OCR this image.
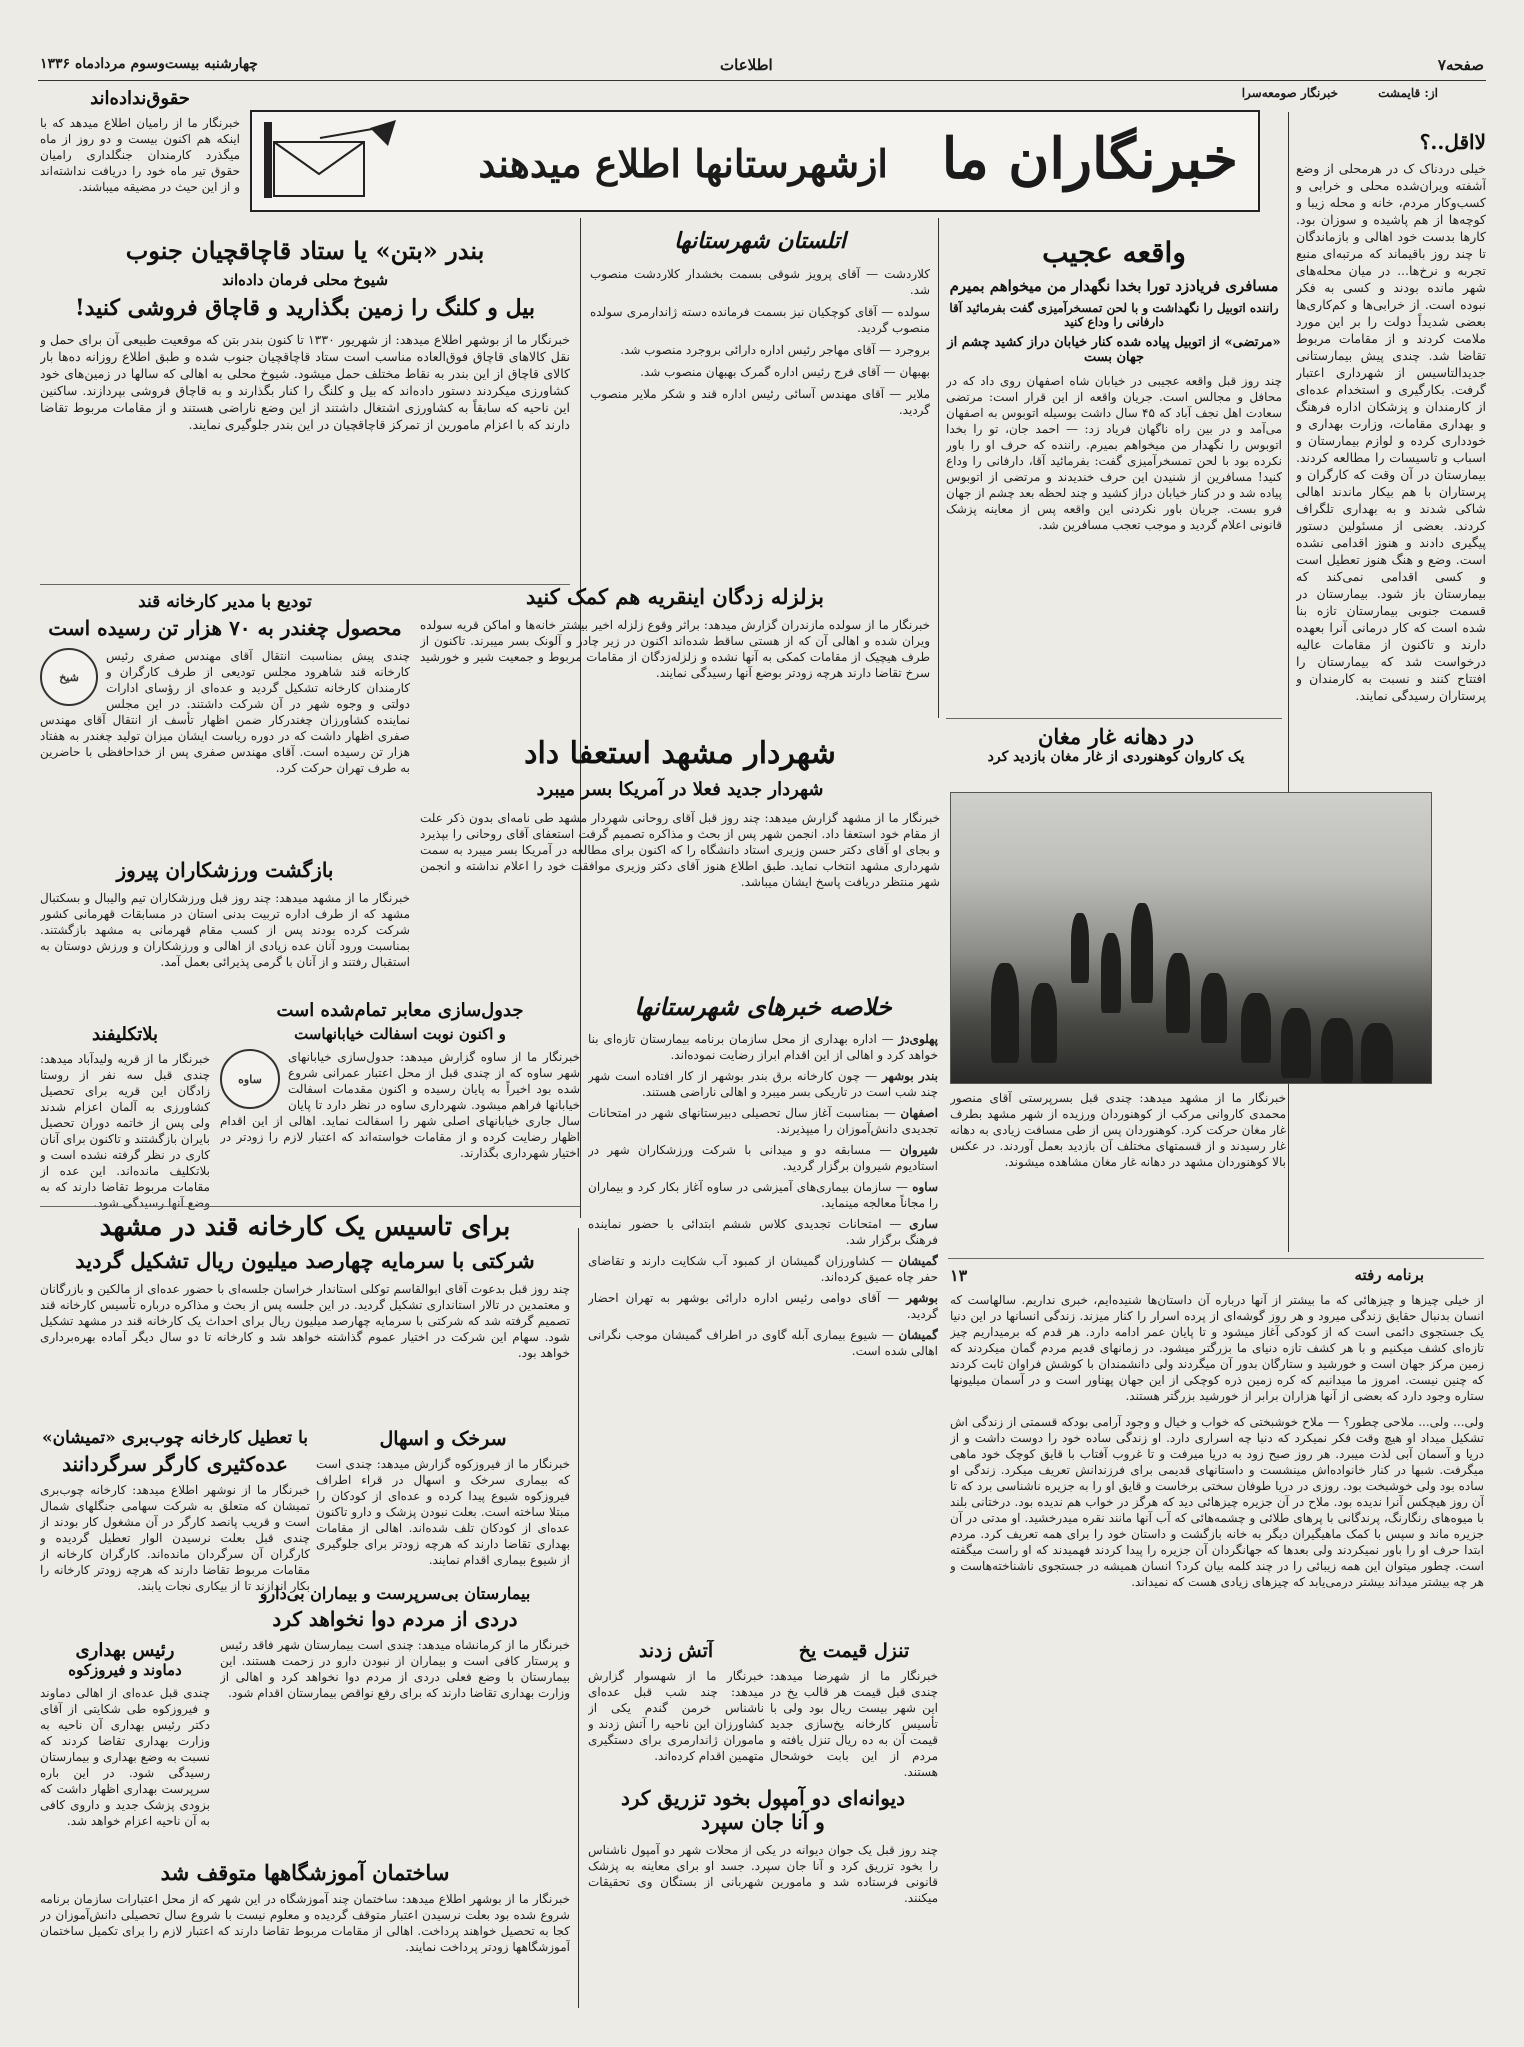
صفحه۷
اطلاعات
چهارشنبه بیست‌وسوم مرداد‌ماه ۱۳۳۶
از: قایمشت
خبرنگار صومعه‌سرا
خبرنگاران ما
ازشهرستانها اطلاع میدهند	لااقل..؟

خیلی دردناک ک در هرمحلی از وضع آشفته ویران‌شده محلی و خرابی و کسب‌وکار مردم، خانه و محله زیبا و کوچه‌ها از هم پاشیده و سوزان بود. کارها بدست خود اهالی و بازماندگان تا چند روز باقیماند که مرتبه‌ای منبع تجربه و نرخ‌ها... در میان محله‌های شهر مانده بودند و کسی به فکر نبوده است. از خرابی‌ها و کم‌کاری‌ها بعضی شدیداً دولت را بر این مورد ملامت کردند و از مقامات مربوط تقاضا شد. چندی پیش بیمارستانی جدیدالتاسیس از شهرداری اعتبار گرفت. بکارگیری و استخدام عده‌ای از کارمندان و پزشکان اداره فرهنگ و بهداری مقامات، وزارت بهداری و خودداری کرده و لوازم بیمارستان و اسباب و تاسیسات را مطالعه کردند. بیمارستان در آن وقت که کارگران و پرستاران با هم بیکار ماندند اهالی شاکی شدند و به بهداری تلگراف کردند. بعضی از مسئولین دستور پیگیری دادند و هنوز اقدامی نشده است. وضع و هنگ هنوز تعطیل است و کسی اقدامی نمی‌کند که بیمارستان باز شود. بیمارستان در قسمت جنوبی بیمارستان تازه بنا شده است که کار درمانی آنرا بعهده دارند و تاکنون از مقامات عالیه درخواست شد که بیمارستان را افتتاح کنند و نسبت به کارمندان و پرستاران رسیدگی نمایند.

حقوق‌نداده‌اند

خبرنگار ما از رامیان اطلاع میدهد که با اینکه هم اکنون بیست و دو روز از ماه میگذرد کارمندان جنگلداری رامیان حقوق تیر ماه خود را دریافت نداشته‌اند و از این حیث در مضیقه میباشند.

بندر «بتن» یا ستاد قاچاقچیان جنوب

شیوخ محلی فرمان داده‌اند

بیل و کلنگ را زمین بگذارید و قاچاق فروشی کنید!

خبرنگار ما از بوشهر اطلاع میدهد: از شهریور ۱۳۳۰ تا کنون بندر بتن که موقعیت طبیعی آن برای حمل و نقل کالاهای قاچاق فوق‌العاده مناسب است ستاد قاچاقچیان جنوب شده و طبق اطلاع روزانه ده‌ها بار کالای قاچاق از این بندر به نقاط مختلف حمل میشود. شیوخ محلی به اهالی که سالها در زمین‌های خود کشاورزی میکردند دستور داده‌اند که بیل و کلنگ را کنار بگذارند و به قاچاق فروشی بپردازند. ساکنین این ناحیه که سابقاً به کشاورزی اشتغال داشتند از این وضع ناراضی هستند و از مقامات مربوط تقاضا دارند که با اعزام مامورین از تمرکز قاچاقچیان در این بندر جلوگیری نمایند.

اتلستان شهرستانها

کلاردشت — آقای پرویز شوقی بسمت بخشدار کلاردشت منصوب شد.

سولده — آقای کوچکیان نیز بسمت فرمانده دسته ژاندارمری سولده منصوب گردید.

بروجرد — آقای مهاجر رئیس اداره دارائی بروجرد منصوب شد.

بهبهان — آقای فرج رئیس اداره گمرک بهبهان منصوب شد.

ملایر — آقای مهندس آسائی رئیس اداره قند و شکر ملایر منصوب گردید.

بزلزله زدگان اینقریه هم کمک کنید

خبرنگار ما از سولده مازندران گزارش میدهد: براثر وقوع زلزله اخیر بیشتر خانه‌ها و اماکن قریه سولده ویران شده و اهالی آن که از هستی ساقط شده‌اند اکنون در زیر چادر و آلونک بسر میبرند. تاکنون از طرف هیچیک از مقامات کمکی به آنها نشده و زلزله‌زدگان از مقامات مربوط و جمعیت شیر و خورشید سرخ تقاضا دارند هرچه زودتر بوضع آنها رسیدگی نمایند.

واقعه عجیب

مسافری فریادزد تورا بخدا نگهدار من میخواهم بمیرم

راننده اتوبیل را نگهداشت و با لحن تمسخرآمیزی گفت بفرمائید آقا دارفانی را وداع کنید

«مرتضی» از اتوبیل پیاده شده کنار خیابان دراز کشید چشم از جهان بست

چند روز قبل واقعه عجیبی در خیابان شاه اصفهان روی داد که در محافل و مجالس است. جریان واقعه از این قرار است: مرتضی سعادت اهل نجف آباد که ۴۵ سال داشت بوسیله اتوبوس به اصفهان می‌آمد و در بین راه ناگهان فریاد زد: — احمد جان، تو را بخدا اتوبوس را نگهدار من میخواهم بمیرم. راننده که حرف او را باور نکرده بود با لحن تمسخرآمیزی گفت: بفرمائید آقا، دارفانی را وداع کنید! مسافرین از شنیدن این حرف خندیدند و مرتضی از اتوبوس پیاده شد و در کنار خیابان دراز کشید و چند لحظه بعد چشم از جهان فرو بست. جریان باور نکردنی این واقعه پس از معاینه پزشک قانونی اعلام گردید و موجب تعجب مسافرین شد.

در دهانه غار مغان

یک کاروان کوهنوردی از غار مغان بازدید کرد

خبرنگار ما از مشهد میدهد: چندی قبل بسرپرستی آقای منصور محمدی کاروانی مرکب از کوهنوردان ورزیده از شهر مشهد بطرف غار مغان حرکت کرد. کوهنوردان پس از طی مسافت زیادی به دهانه غار رسیدند و از قسمتهای مختلف آن بازدید بعمل آوردند. در عکس بالا کوهنوردان مشهد در دهانه غار مغان مشاهده میشوند.

تودیع با مدیر کارخانه قند

محصول چغندر به ۷۰ هزار تن رسیده است

شیخ

چندی پیش بمناسبت انتقال آقای مهندس صفری رئیس کارخانه قند شاهرود مجلس تودیعی از طرف کارگران و کارمندان کارخانه تشکیل گردید و عده‌ای از رؤسای ادارات دولتی و وجوه شهر در آن شرکت داشتند. در این مجلس نماینده کشاورزان چغندرکار ضمن اظهار تأسف از انتقال آقای مهندس صفری اظهار داشت که در دوره ریاست ایشان میزان تولید چغندر به هفتاد هزار تن رسیده است. آقای مهندس صفری پس از خداحافظی با حاضرین به طرف تهران حرکت کرد.	شهردار مشهد استعفا داد

شهردار جدید فعلا در آمریکا بسر میبرد

خبرنگار ما از مشهد گزارش میدهد: چند روز قبل آقای روحانی شهردار مشهد طی نامه‌ای بدون ذکر علت از مقام خود استعفا داد. انجمن شهر پس از بحث و مذاکره تصمیم گرفت استعفای آقای روحانی را بپذیرد و بجای او آقای دکتر حسن وزیری استاد دانشگاه را که اکنون برای مطالعه در آمریکا بسر میبرد به سمت شهرداری مشهد انتخاب نماید. طبق اطلاع هنوز آقای دکتر وزیری موافقت خود را اعلام نداشته و انجمن شهر منتظر دریافت پاسخ ایشان میباشد.

بازگشت ورزشکاران پیروز

خبرنگار ما از مشهد میدهد: چند روز قبل ورزشکاران تیم والیبال و بسکتبال مشهد که از طرف اداره تربیت بدنی استان در مسابقات قهرمانی کشور شرکت کرده بودند پس از کسب مقام قهرمانی به مشهد بازگشتند. بمناسبت ورود آنان عده زیادی از اهالی و ورزشکاران و ورزش دوستان به استقبال رفتند و از آنان با گرمی پذیرائی بعمل آمد.

بلاتکلیفند

خبرنگار ما از قریه ولیدآباد میدهد: چندی قبل سه نفر از روستا زادگان این قریه برای تحصیل کشاورزی به آلمان اعزام شدند ولی پس از خاتمه دوران تحصیل بایران بازگشتند و تاکنون برای آنان کاری در نظر گرفته نشده است و بلاتکلیف مانده‌اند. این عده از مقامات مربوط تقاضا دارند که به وضع آنها رسیدگی شود.

جدول‌سازی معابر تمام‌شده است

و اکنون نوبت اسفالت خیابانهاست

ساوه

خبرنگار ما از ساوه گزارش میدهد: جدول‌سازی خیابانهای شهر ساوه که از چندی قبل از محل اعتبار عمرانی شروع شده بود اخیراً به پایان رسیده و اکنون مقدمات اسفالت خیابانها فراهم میشود. شهرداری ساوه در نظر دارد تا پایان سال جاری خیابانهای اصلی شهر را اسفالت نماید. اهالی از این اقدام اظهار رضایت کرده و از مقامات خواسته‌اند که اعتبار لازم را زودتر در اختیار شهرداری بگذارند.

خلاصه خبرهای شهرستانها

پهلوی‌دژ — اداره بهداری از محل سازمان برنامه بیمارستان تازه‌ای بنا خواهد کرد و اهالی از این اقدام ابراز رضایت نموده‌اند.

بندر بوشهر — چون کارخانه برق بندر بوشهر از کار افتاده است شهر چند شب است در تاریکی بسر میبرد و اهالی ناراضی هستند.

اصفهان — بمناسبت آغاز سال تحصیلی دبیرستانهای شهر در امتحانات تجدیدی دانش‌آموزان را میپذیرند.

شیروان — مسابقه دو و میدانی با شرکت ورزشکاران شهر در استادیوم شیروان برگزار گردید.

ساوه — سازمان بیماری‌های آمیزشی در ساوه آغاز بکار کرد و بیماران را مجاناً معالجه مینماید.

ساری — امتحانات تجدیدی کلاس ششم ابتدائی با حضور نماینده فرهنگ برگزار شد.

گمیشان — کشاورزان گمیشان از کمبود آب شکایت دارند و تقاضای حفر چاه عمیق کرده‌اند.

بوشهر — آقای دوامی رئیس اداره دارائی بوشهر به تهران احضار گردید.

گمیشان — شیوع بیماری آبله گاوی در اطراف گمیشان موجب نگرانی اهالی شده است.

برای تاسیس یک کارخانه قند در مشهد

شرکتی با سرمایه چهارصد میلیون ریال تشکیل گردید

چند روز قبل بدعوت آقای ابوالقاسم توکلی استاندار خراسان جلسه‌ای با حضور عده‌ای از مالکین و بازرگانان و معتمدین در تالار استانداری تشکیل گردید. در این جلسه پس از بحث و مذاکره درباره تأسیس کارخانه قند تصمیم گرفته شد که شرکتی با سرمایه چهارصد میلیون ریال برای احداث یک کارخانه قند در مشهد تشکیل شود. سهام این شرکت در اختیار عموم گذاشته خواهد شد و کارخانه تا دو سال دیگر آماده بهره‌برداری خواهد بود.

سرخک و اسهال

خبرنگار ما از فیروزکوه گزارش میدهد: چندی است که بیماری سرخک و اسهال در قراء اطراف فیروزکوه شیوع پیدا کرده و عده‌ای از کودکان را مبتلا ساخته است. بعلت نبودن پزشک و دارو تاکنون عده‌ای از کودکان تلف شده‌اند. اهالی از مقامات بهداری تقاضا دارند که هرچه زودتر برای جلوگیری از شیوع بیماری اقدام نمایند.

با تعطیل کارخانه چوب‌بری «تمیشان»

عده‌کثیری کارگر سرگردانند

خبرنگار ما از نوشهر اطلاع میدهد: کارخانه چوب‌بری تمیشان که متعلق به شرکت سهامی جنگلهای شمال است و قریب پانصد کارگر در آن مشغول کار بودند از چندی قبل بعلت نرسیدن الوار تعطیل گردیده و کارگران آن سرگردان مانده‌اند. کارگران کارخانه از مقامات مربوط تقاضا دارند که هرچه زودتر کارخانه را بکار اندازند تا از بیکاری نجات یابند.

بیمارستان بی‌سرپرست و بیماران بی‌دارو

دردی از مردم دوا نخواهد کرد

خبرنگار ما از کرمانشاه میدهد: چندی است بیمارستان شهر فاقد رئیس و پرستار کافی است و بیماران از نبودن دارو در زحمت هستند. این بیمارستان با وضع فعلی دردی از مردم دوا نخواهد کرد و اهالی از وزارت بهداری تقاضا دارند که برای رفع نواقص بیمارستان اقدام شود.

رئیس بهداری

دماوند و فیروزکوه

چندی قبل عده‌ای از اهالی دماوند و فیروزکوه طی شکایتی از آقای دکتر رئیس بهداری آن ناحیه به وزارت بهداری تقاضا کردند که نسبت به وضع بهداری و بیمارستان رسیدگی شود. در این باره سرپرست بهداری اظهار داشت که بزودی پزشک جدید و داروی کافی به آن ناحیه اعزام خواهد شد.

ساختمان آموزشگاهها متوقف شد

خبرنگار ما از بوشهر اطلاع میدهد: ساختمان چند آموزشگاه در این شهر که از محل اعتبارات سازمان برنامه شروع شده بود بعلت نرسیدن اعتبار متوقف گردیده و معلوم نیست با شروع سال تحصیلی دانش‌آموزان در کجا به تحصیل خواهند پرداخت. اهالی از مقامات مربوط تقاضا دارند که اعتبار لازم را برای تکمیل ساختمان آموزشگاهها زودتر پرداخت نمایند.

تنزل قیمت یخ

خبرنگار ما از شهرضا میدهد: چندی قبل قیمت هر قالب یخ در این شهر بیست ریال بود ولی با تأسیس کارخانه یخ‌سازی جدید قیمت آن به ده ریال تنزل یافته و مردم از این بابت خوشحال هستند.

آتش زدند

خبرنگار ما از شهسوار گزارش میدهد: چند شب قبل عده‌ای ناشناس خرمن گندم یکی از کشاورزان این ناحیه را آتش زدند و ماموران ژاندارمری برای دستگیری متهمین اقدام کرده‌اند.

دیوانه‌ای دو آمپول بخود تزریق کرد

و آنا جان سپرد

چند روز قبل یک جوان دیوانه در یکی از محلات شهر دو آمپول ناشناس را بخود تزریق کرد و آنا جان سپرد. جسد او برای معاینه به پزشک قانونی فرستاده شد و مامورین شهربانی از بستگان وی تحقیقات میکنند.

برنامه رفته
۱۳

از خیلی چیزها و چیزهائی که ما بیشتر از آنها درباره آن داستان‌ها شنیده‌ایم، خبری نداریم. سالهاست که انسان بدنبال حقایق زندگی میرود و هر روز گوشه‌ای از پرده اسرار را کنار میزند. زندگی انسانها در این دنیا یک جستجوی دائمی است که از کودکی آغاز میشود و تا پایان عمر ادامه دارد. هر قدم که برمیداریم چیز تازه‌ای کشف میکنیم و با هر کشف تازه دنیای ما بزرگتر میشود. در زمانهای قدیم مردم گمان میکردند که زمین مرکز جهان است و خورشید و ستارگان بدور آن میگردند ولی دانشمندان با کوشش فراوان ثابت کردند که چنین نیست. امروز ما میدانیم که کره زمین ذره کوچکی از این جهان پهناور است و در آسمان میلیونها ستاره وجود دارد که بعضی از آنها هزاران برابر از خورشید بزرگتر هستند.

ولی... ولی... ملاحی چطور؟ — ملاح خوشبختی که خواب و خیال و وجود آرامی بودکه قسمتی از زندگی اش تشکیل میداد او هیچ وقت فکر نمیکرد که دنیا چه اسراری دارد. او زندگی ساده خود را دوست داشت و از دریا و آسمان آبی لذت میبرد. هر روز صبح زود به دریا میرفت و تا غروب آفتاب با قایق کوچک خود ماهی میگرفت. شبها در کنار خانواده‌اش مینشست و داستانهای قدیمی برای فرزندانش تعریف میکرد. زندگی او ساده بود ولی خوشبخت بود. روزی در دریا طوفان سختی برخاست و قایق او را به جزیره ناشناسی برد که تا آن روز هیچکس آنرا ندیده بود. ملاح در آن جزیره چیزهائی دید که هرگز در خواب هم ندیده بود. درختانی بلند با میوه‌های رنگارنگ، پرندگانی با پرهای طلائی و چشمه‌هائی که آب آنها مانند نقره میدرخشید. او مدتی در آن جزیره ماند و سپس با کمک ماهیگیران دیگر به خانه بازگشت و داستان خود را برای همه تعریف کرد. مردم ابتدا حرف او را باور نمیکردند ولی بعدها که جهانگردان آن جزیره را پیدا کردند فهمیدند که او راست میگفته است. چطور میتوان این همه زیبائی را در چند کلمه بیان کرد؟ انسان همیشه در جستجوی ناشناخته‌هاست و هر چه بیشتر میداند بیشتر درمی‌یابد که چیزهای زیادی هست که نمیداند.
